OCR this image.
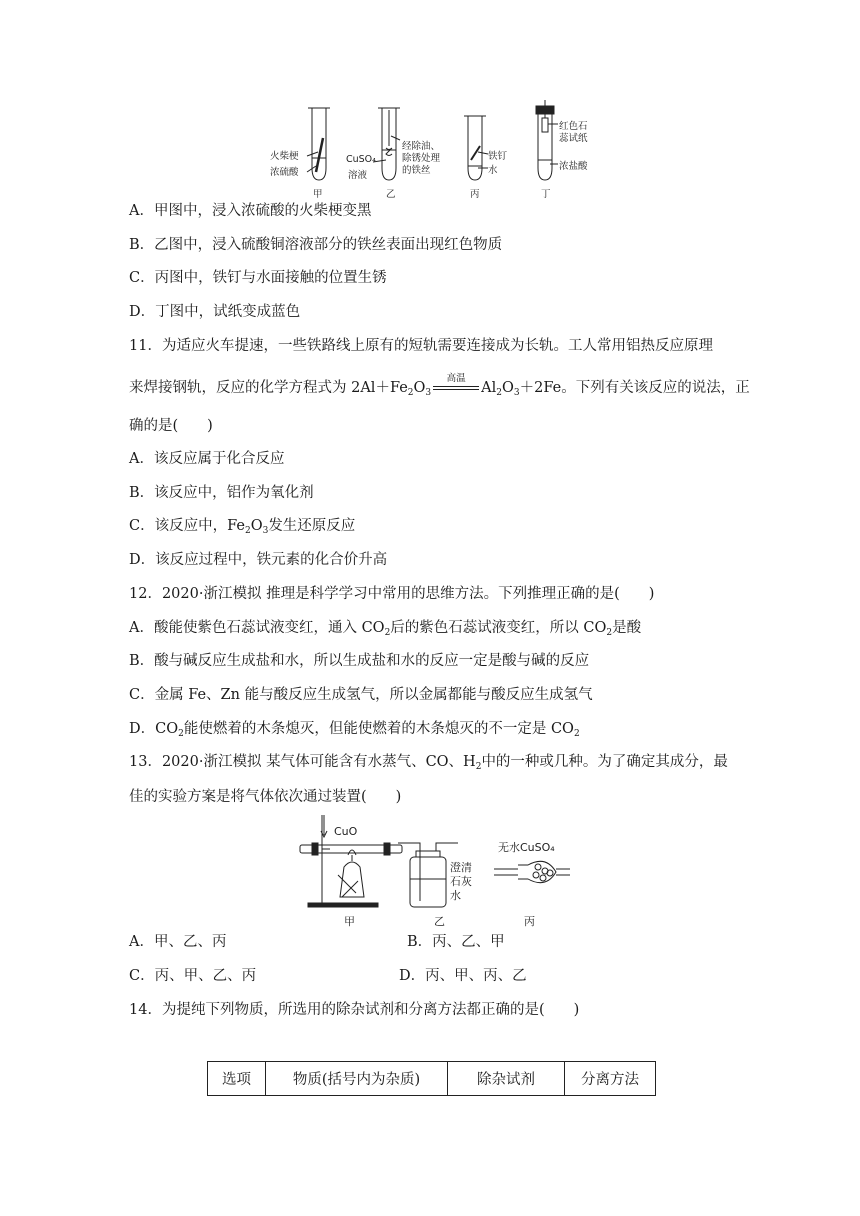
火柴梗
浓硫酸
甲
CuSO₄
溶液
经除油、
除锈处理
的铁丝
乙
铁钉
水
丙
红色石
蕊试纸
浓盐酸
丁
A．甲图中，浸入浓硫酸的火柴梗变黑
B．乙图中，浸入硫酸铜溶液部分的铁丝表面出现红色物质
C．丙图中，铁钉与水面接触的位置生锈
D．丁图中，试纸变成蓝色
11．为适应火车提速，一些铁路线上原有的短轨需要连接成为长轨。工人常用铝热反应原理
来焊接钢轨，反应的化学方程式为 $2Al+Fe_2O_3$
高温
$Al_2O_3+2Fe$。下列有关该反应的说法，正
确的是(　　)
A．该反应属于化合反应
B．该反应中，铝作为氧化剂
C．该反应中，$Fe_2O_3$发生还原反应
D．该反应过程中，铁元素的化合价升高
12．2020·浙江模拟 推理是科学学习中常用的思维方法。下列推理正确的是(　　)
A．酸能使紫色石蕊试液变红，通入 $CO_2$后的紫色石蕊试液变红，所以 $CO_2$是酸
B．酸与碱反应生成盐和水，所以生成盐和水的反应一定是酸与碱的反应
C．金属 Fe、Zn 能与酸反应生成氢气，所以金属都能与酸反应生成氢气
D．$CO_2$能使燃着的木条熄灭，但能使燃着的木条熄灭的不一定是 $CO_2$
13．2020·浙江模拟 某气体可能含有水蒸气、CO、$H_2$中的一种或几种。为了确定其成分，最
佳的实验方案是将气体依次通过装置(　　)
CuO
澄清
石灰
水
无水CuSO₄
甲	乙	丙
A．甲、乙、丙	B．丙、乙、甲
C．丙、甲、乙、丙	D．丙、甲、丙、乙
14．为提纯下列物质，所选用的除杂试剂和分离方法都正确的是(　　)
选项	物质(括号内为杂质)	除杂试剂	分离方法
